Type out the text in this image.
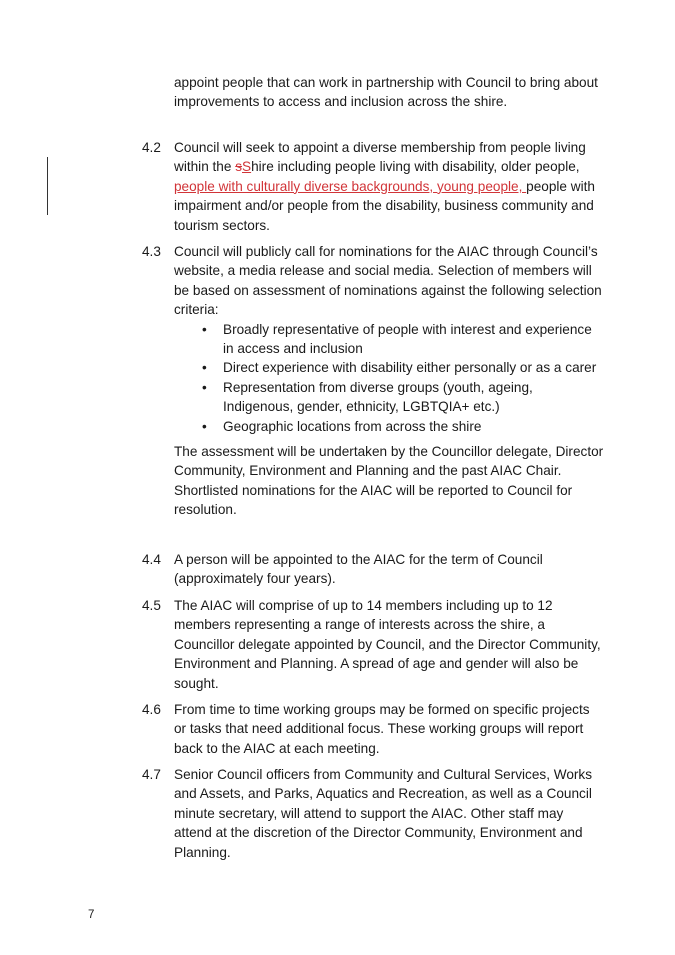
appoint people that can work in partnership with Council to bring about improvements to access and inclusion across the shire.
4.2 Council will seek to appoint a diverse membership from people living within the sShire including people living with disability, older people, people with culturally diverse backgrounds, young people, people with impairment and/or people from the disability, business community and tourism sectors.

4.3 Council will publicly call for nominations for the AIAC through Council’s website, a media release and social media. Selection of members will be based on assessment of nominations against the following selection criteria:

• Broadly representative of people with interest and experience in access and inclusion
• Direct experience with disability either personally or as a carer
• Representation from diverse groups (youth, ageing, Indigenous, gender, ethnicity, LGBTQIA+ etc.)
• Geographic locations from across the shire

The assessment will be undertaken by the Councillor delegate, Director Community, Environment and Planning and the past AIAC Chair. Shortlisted nominations for the AIAC will be reported to Council for resolution.

4.4 A person will be appointed to the AIAC for the term of Council (approximately four years).

4.5 The AIAC will comprise of up to 14 members including up to 12 members representing a range of interests across the shire, a Councillor delegate appointed by Council, and the Director Community, Environment and Planning. A spread of age and gender will also be sought.

4.6 From time to time working groups may be formed on specific projects or tasks that need additional focus. These working groups will report back to the AIAC at each meeting.

4.7 Senior Council officers from Community and Cultural Services, Works and Assets, and Parks, Aquatics and Recreation, as well as a Council minute secretary, will attend to support the AIAC. Other staff may attend at the discretion of the Director Community, Environment and Planning.

7
